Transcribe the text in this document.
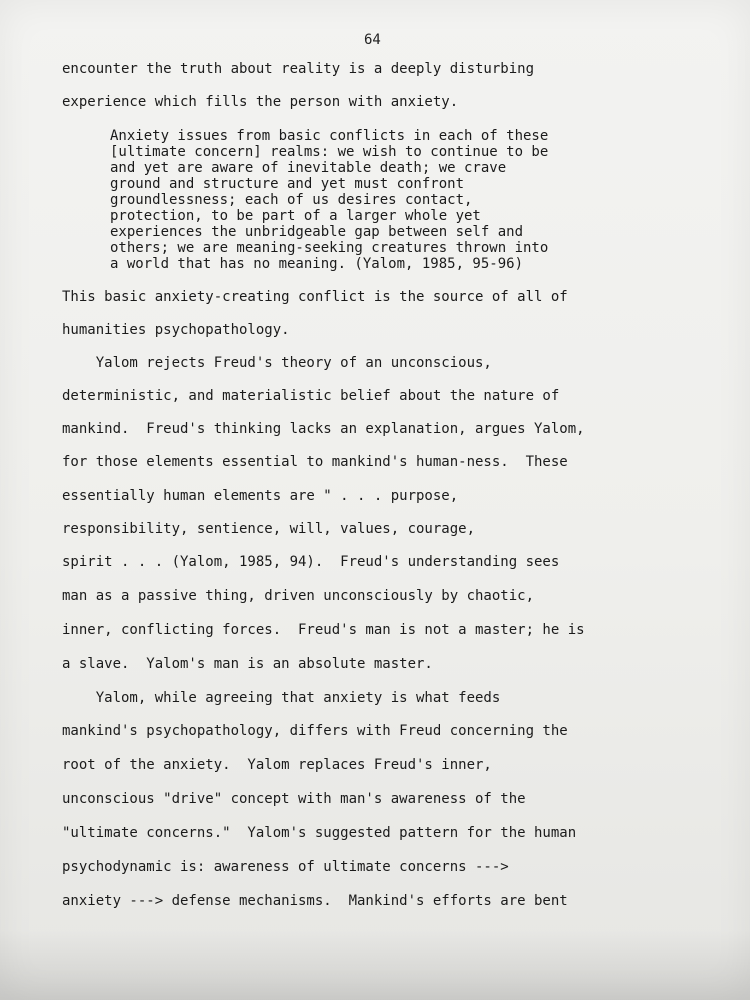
64

encounter the truth about reality is a deeply disturbing

experience which fills the person with anxiety.

Anxiety issues from basic conflicts in each of these

[ultimate concern] realms: we wish to continue to be

and yet are aware of inevitable death; we crave

ground and structure and yet must confront

groundlessness; each of us desires contact,

protection, to be part of a larger whole yet

experiences the unbridgeable gap between self and

others; we are meaning-seeking creatures thrown into

a world that has no meaning. (Yalom, 1985, 95-96)

This basic anxiety-creating conflict is the source of all of

humanities psychopathology.

Yalom rejects Freud's theory of an unconscious,

deterministic, and materialistic belief about the nature of

mankind.  Freud's thinking lacks an explanation, argues Yalom,

for those elements essential to mankind's human-ness.  These

essentially human elements are " . . . purpose,

responsibility, sentience, will, values, courage,

spirit . . . (Yalom, 1985, 94).  Freud's understanding sees

man as a passive thing, driven unconsciously by chaotic,

inner, conflicting forces.  Freud's man is not a master; he is

a slave.  Yalom's man is an absolute master.

Yalom, while agreeing that anxiety is what feeds

mankind's psychopathology, differs with Freud concerning the

root of the anxiety.  Yalom replaces Freud's inner,

unconscious "drive" concept with man's awareness of the

"ultimate concerns."  Yalom's suggested pattern for the human

psychodynamic is: awareness of ultimate concerns --->

anxiety ---> defense mechanisms.  Mankind's efforts are bent
